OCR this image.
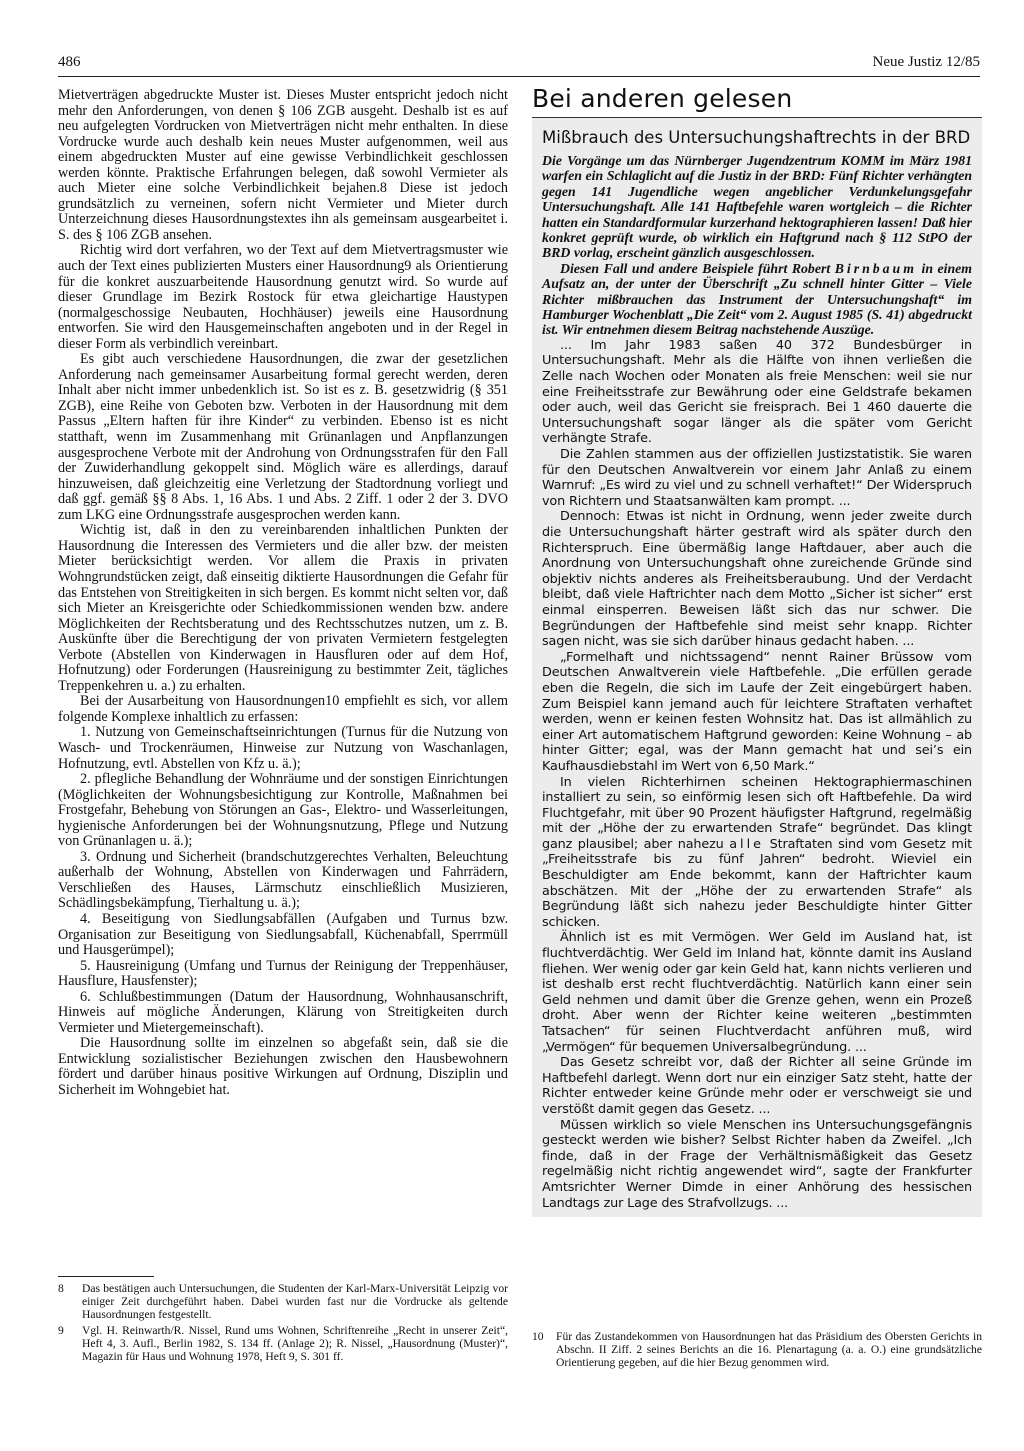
486	Neue Justiz 12/85

Mietverträgen abgedruckte Muster ist. Dieses Muster entspricht jedoch nicht mehr den Anforderungen, von denen § 106 ZGB ausgeht. Deshalb ist es auf neu aufgelegten Vordrucken von Mietverträgen nicht mehr enthalten. In diese Vordrucke wurde auch deshalb kein neues Muster aufgenommen, weil aus einem abgedruckten Muster auf eine gewisse Verbindlichkeit geschlossen werden könnte. Praktische Erfahrungen belegen, daß sowohl Vermieter als auch Mieter eine solche Verbindlichkeit bejahen.8 Diese ist jedoch grundsätzlich zu verneinen, sofern nicht Vermieter und Mieter durch Unterzeichnung dieses Hausordnungstextes ihn als gemeinsam ausgearbeitet i. S. des § 106 ZGB ansehen.

Richtig wird dort verfahren, wo der Text auf dem Mietvertragsmuster wie auch der Text eines publizierten Musters einer Hausordnung9 als Orientierung für die konkret auszuarbeitende Hausordnung genutzt wird. So wurde auf dieser Grundlage im Bezirk Rostock für etwa gleichartige Haustypen (normalgeschossige Neubauten, Hochhäuser) jeweils eine Hausordnung entworfen. Sie wird den Hausgemeinschaften angeboten und in der Regel in dieser Form als verbindlich vereinbart.

Es gibt auch verschiedene Hausordnungen, die zwar der gesetzlichen Anforderung nach gemeinsamer Ausarbeitung formal gerecht werden, deren Inhalt aber nicht immer unbedenklich ist. So ist es z. B. gesetzwidrig (§ 351 ZGB), eine Reihe von Geboten bzw. Verboten in der Hausordnung mit dem Passus „Eltern haften für ihre Kinder“ zu verbinden. Ebenso ist es nicht statthaft, wenn im Zusammenhang mit Grünanlagen und Anpflanzungen ausgesprochene Verbote mit der Androhung von Ordnungsstrafen für den Fall der Zuwiderhandlung gekoppelt sind. Möglich wäre es allerdings, darauf hinzuweisen, daß gleichzeitig eine Verletzung der Stadtordnung vorliegt und daß ggf. gemäß §§ 8 Abs. 1, 16 Abs. 1 und Abs. 2 Ziff. 1 oder 2 der 3. DVO zum LKG eine Ordnungsstrafe ausgesprochen werden kann.

Wichtig ist, daß in den zu vereinbarenden inhaltlichen Punkten der Hausordnung die Interessen des Vermieters und die aller bzw. der meisten Mieter berücksichtigt werden. Vor allem die Praxis in privaten Wohngrundstücken zeigt, daß einseitig diktierte Hausordnungen die Gefahr für das Entstehen von Streitigkeiten in sich bergen. Es kommt nicht selten vor, daß sich Mieter an Kreisgerichte oder Schiedkommissionen wenden bzw. andere Möglichkeiten der Rechtsberatung und des Rechtsschutzes nutzen, um z. B. Auskünfte über die Berechtigung der von privaten Vermietern festgelegten Verbote (Abstellen von Kinderwagen in Hausfluren oder auf dem Hof, Hofnutzung) oder Forderungen (Hausreinigung zu bestimmter Zeit, tägliches Treppenkehren u. a.) zu erhalten.

Bei der Ausarbeitung von Hausordnungen10 empfiehlt es sich, vor allem folgende Komplexe inhaltlich zu erfassen:

1. Nutzung von Gemeinschaftseinrichtungen (Turnus für die Nutzung von Wasch- und Trockenräumen, Hinweise zur Nutzung von Waschanlagen, Hofnutzung, evtl. Abstellen von Kfz u. ä.);

2. pflegliche Behandlung der Wohnräume und der sonstigen Einrichtungen (Möglichkeiten der Wohnungsbesichtigung zur Kontrolle, Maßnahmen bei Frostgefahr, Behebung von Störungen an Gas-, Elektro- und Wasserleitungen, hygienische Anforderungen bei der Wohnungsnutzung, Pflege und Nutzung von Grünanlagen u. ä.);

3. Ordnung und Sicherheit (brandschutzgerechtes Verhalten, Beleuchtung außerhalb der Wohnung, Abstellen von Kinderwagen und Fahrrädern, Verschließen des Hauses, Lärmschutz einschließlich Musizieren, Schädlingsbekämpfung, Tierhaltung u. ä.);

4. Beseitigung von Siedlungsabfällen (Aufgaben und Turnus bzw. Organisation zur Beseitigung von Siedlungsabfall, Küchenabfall, Sperrmüll und Hausgerümpel);

5. Hausreinigung (Umfang und Turnus der Reinigung der Treppenhäuser, Hausflure, Hausfenster);

6. Schlußbestimmungen (Datum der Hausordnung, Wohnhausanschrift, Hinweis auf mögliche Änderungen, Klärung von Streitigkeiten durch Vermieter und Mietergemeinschaft).

Die Hausordnung sollte im einzelnen so abgefaßt sein, daß sie die Entwicklung sozialistischer Beziehungen zwischen den Hausbewohnern fördert und darüber hinaus positive Wirkungen auf Ordnung, Disziplin und Sicherheit im Wohngebiet hat.

Bei anderen gelesen
Mißbrauch des Untersuchungshaftrechts in der BRD

Die Vorgänge um das Nürnberger Jugendzentrum KOMM im März 1981 warfen ein Schlaglicht auf die Justiz in der BRD: Fünf Richter verhängten gegen 141 Jugendliche wegen angeblicher Verdunkelungsgefahr Untersuchungshaft. Alle 141 Haftbefehle waren wortgleich – die Richter hatten ein Standardformular kurzerhand hektographieren lassen! Daß hier konkret geprüft wurde, ob wirklich ein Haftgrund nach § 112 StPO der BRD vorlag, erscheint gänzlich ausgeschlossen.

Diesen Fall und andere Beispiele führt Robert Birnbaum in einem Aufsatz an, der unter der Überschrift „Zu schnell hinter Gitter – Viele Richter mißbrauchen das Instrument der Untersuchungshaft“ im Hamburger Wochenblatt „Die Zeit“ vom 2. August 1985 (S. 41) abgedruckt ist. Wir entnehmen diesem Beitrag nachstehende Auszüge.

... Im Jahr 1983 saßen 40 372 Bundesbürger in Untersuchungshaft. Mehr als die Hälfte von ihnen verließen die Zelle nach Wochen oder Monaten als freie Menschen: weil sie nur eine Freiheitsstrafe zur Bewährung oder eine Geldstrafe bekamen oder auch, weil das Gericht sie freisprach. Bei 1 460 dauerte die Untersuchungshaft sogar länger als die später vom Gericht verhängte Strafe.

Die Zahlen stammen aus der offiziellen Justizstatistik. Sie waren für den Deutschen Anwaltverein vor einem Jahr Anlaß zu einem Warnruf: „Es wird zu viel und zu schnell verhaftet!“ Der Widerspruch von Richtern und Staatsanwälten kam prompt. ...

Dennoch: Etwas ist nicht in Ordnung, wenn jeder zweite durch die Untersuchungshaft härter gestraft wird als später durch den Richterspruch. Eine übermäßig lange Haftdauer, aber auch die Anordnung von Untersuchungshaft ohne zureichende Gründe sind objektiv nichts anderes als Freiheitsberaubung. Und der Verdacht bleibt, daß viele Haftrichter nach dem Motto „Sicher ist sicher“ erst einmal einsperren. Beweisen läßt sich das nur schwer. Die Begründungen der Haftbefehle sind meist sehr knapp. Richter sagen nicht, was sie sich darüber hinaus gedacht haben. ...

„Formelhaft und nichtssagend“ nennt Rainer Brüssow vom Deutschen Anwaltverein viele Haftbefehle. „Die erfüllen gerade eben die Regeln, die sich im Laufe der Zeit eingebürgert haben. Zum Beispiel kann jemand auch für leichtere Straftaten verhaftet werden, wenn er keinen festen Wohnsitz hat. Das ist allmählich zu einer Art automatischem Haftgrund geworden: Keine Wohnung – ab hinter Gitter; egal, was der Mann gemacht hat und sei’s ein Kaufhausdiebstahl im Wert von 6,50 Mark.“

In vielen Richterhirnen scheinen Hektographiermaschinen installiert zu sein, so einförmig lesen sich oft Haftbefehle. Da wird Fluchtgefahr, mit über 90 Prozent häufigster Haftgrund, regelmäßig mit der „Höhe der zu erwartenden Strafe“ begründet. Das klingt ganz plausibel; aber nahezu alle Straftaten sind vom Gesetz mit „Freiheitsstrafe bis zu fünf Jahren“ bedroht. Wieviel ein Beschuldigter am Ende bekommt, kann der Haftrichter kaum abschätzen. Mit der „Höhe der zu erwartenden Strafe“ als Begründung läßt sich nahezu jeder Beschuldigte hinter Gitter schicken.

Ähnlich ist es mit Vermögen. Wer Geld im Ausland hat, ist fluchtverdächtig. Wer Geld im Inland hat, könnte damit ins Ausland fliehen. Wer wenig oder gar kein Geld hat, kann nichts verlieren und ist deshalb erst recht fluchtverdächtig. Natürlich kann einer sein Geld nehmen und damit über die Grenze gehen, wenn ein Prozeß droht. Aber wenn der Richter keine weiteren „bestimmten Tatsachen“ für seinen Fluchtverdacht anführen muß, wird „Vermögen“ für bequemen Universalbegründung. ...

Das Gesetz schreibt vor, daß der Richter all seine Gründe im Haftbefehl darlegt. Wenn dort nur ein einziger Satz steht, hatte der Richter entweder keine Gründe mehr oder er verschweigt sie und verstößt damit gegen das Gesetz. ...

Müssen wirklich so viele Menschen ins Untersuchungsgefängnis gesteckt werden wie bisher? Selbst Richter haben da Zweifel. „Ich finde, daß in der Frage der Verhältnismäßigkeit das Gesetz regelmäßig nicht richtig angewendet wird“, sagte der Frankfurter Amtsrichter Werner Dimde in einer Anhörung des hessischen Landtags zur Lage des Strafvollzugs. ...

8	Das bestätigen auch Untersuchungen, die Studenten der Karl-Marx-Universität Leipzig vor einiger Zeit durchgeführt haben. Dabei wurden fast nur die Vordrucke als geltende Hausordnungen festgestellt.
9	Vgl. H. Reinwarth/R. Nissel, Rund ums Wohnen, Schriftenreihe „Recht in unserer Zeit“, Heft 4, 3. Aufl., Berlin 1982, S. 134 ff. (Anlage 2); R. Nissel, „Hausordnung (Muster)“, Magazin für Haus und Wohnung 1978, Heft 9, S. 301 ff.
10	Für das Zustandekommen von Hausordnungen hat das Präsidium des Obersten Gerichts in Abschn. II Ziff. 2 seines Berichts an die 16. Plenartagung (a. a. O.) eine grundsätzliche Orientierung gegeben, auf die hier Bezug genommen wird.
